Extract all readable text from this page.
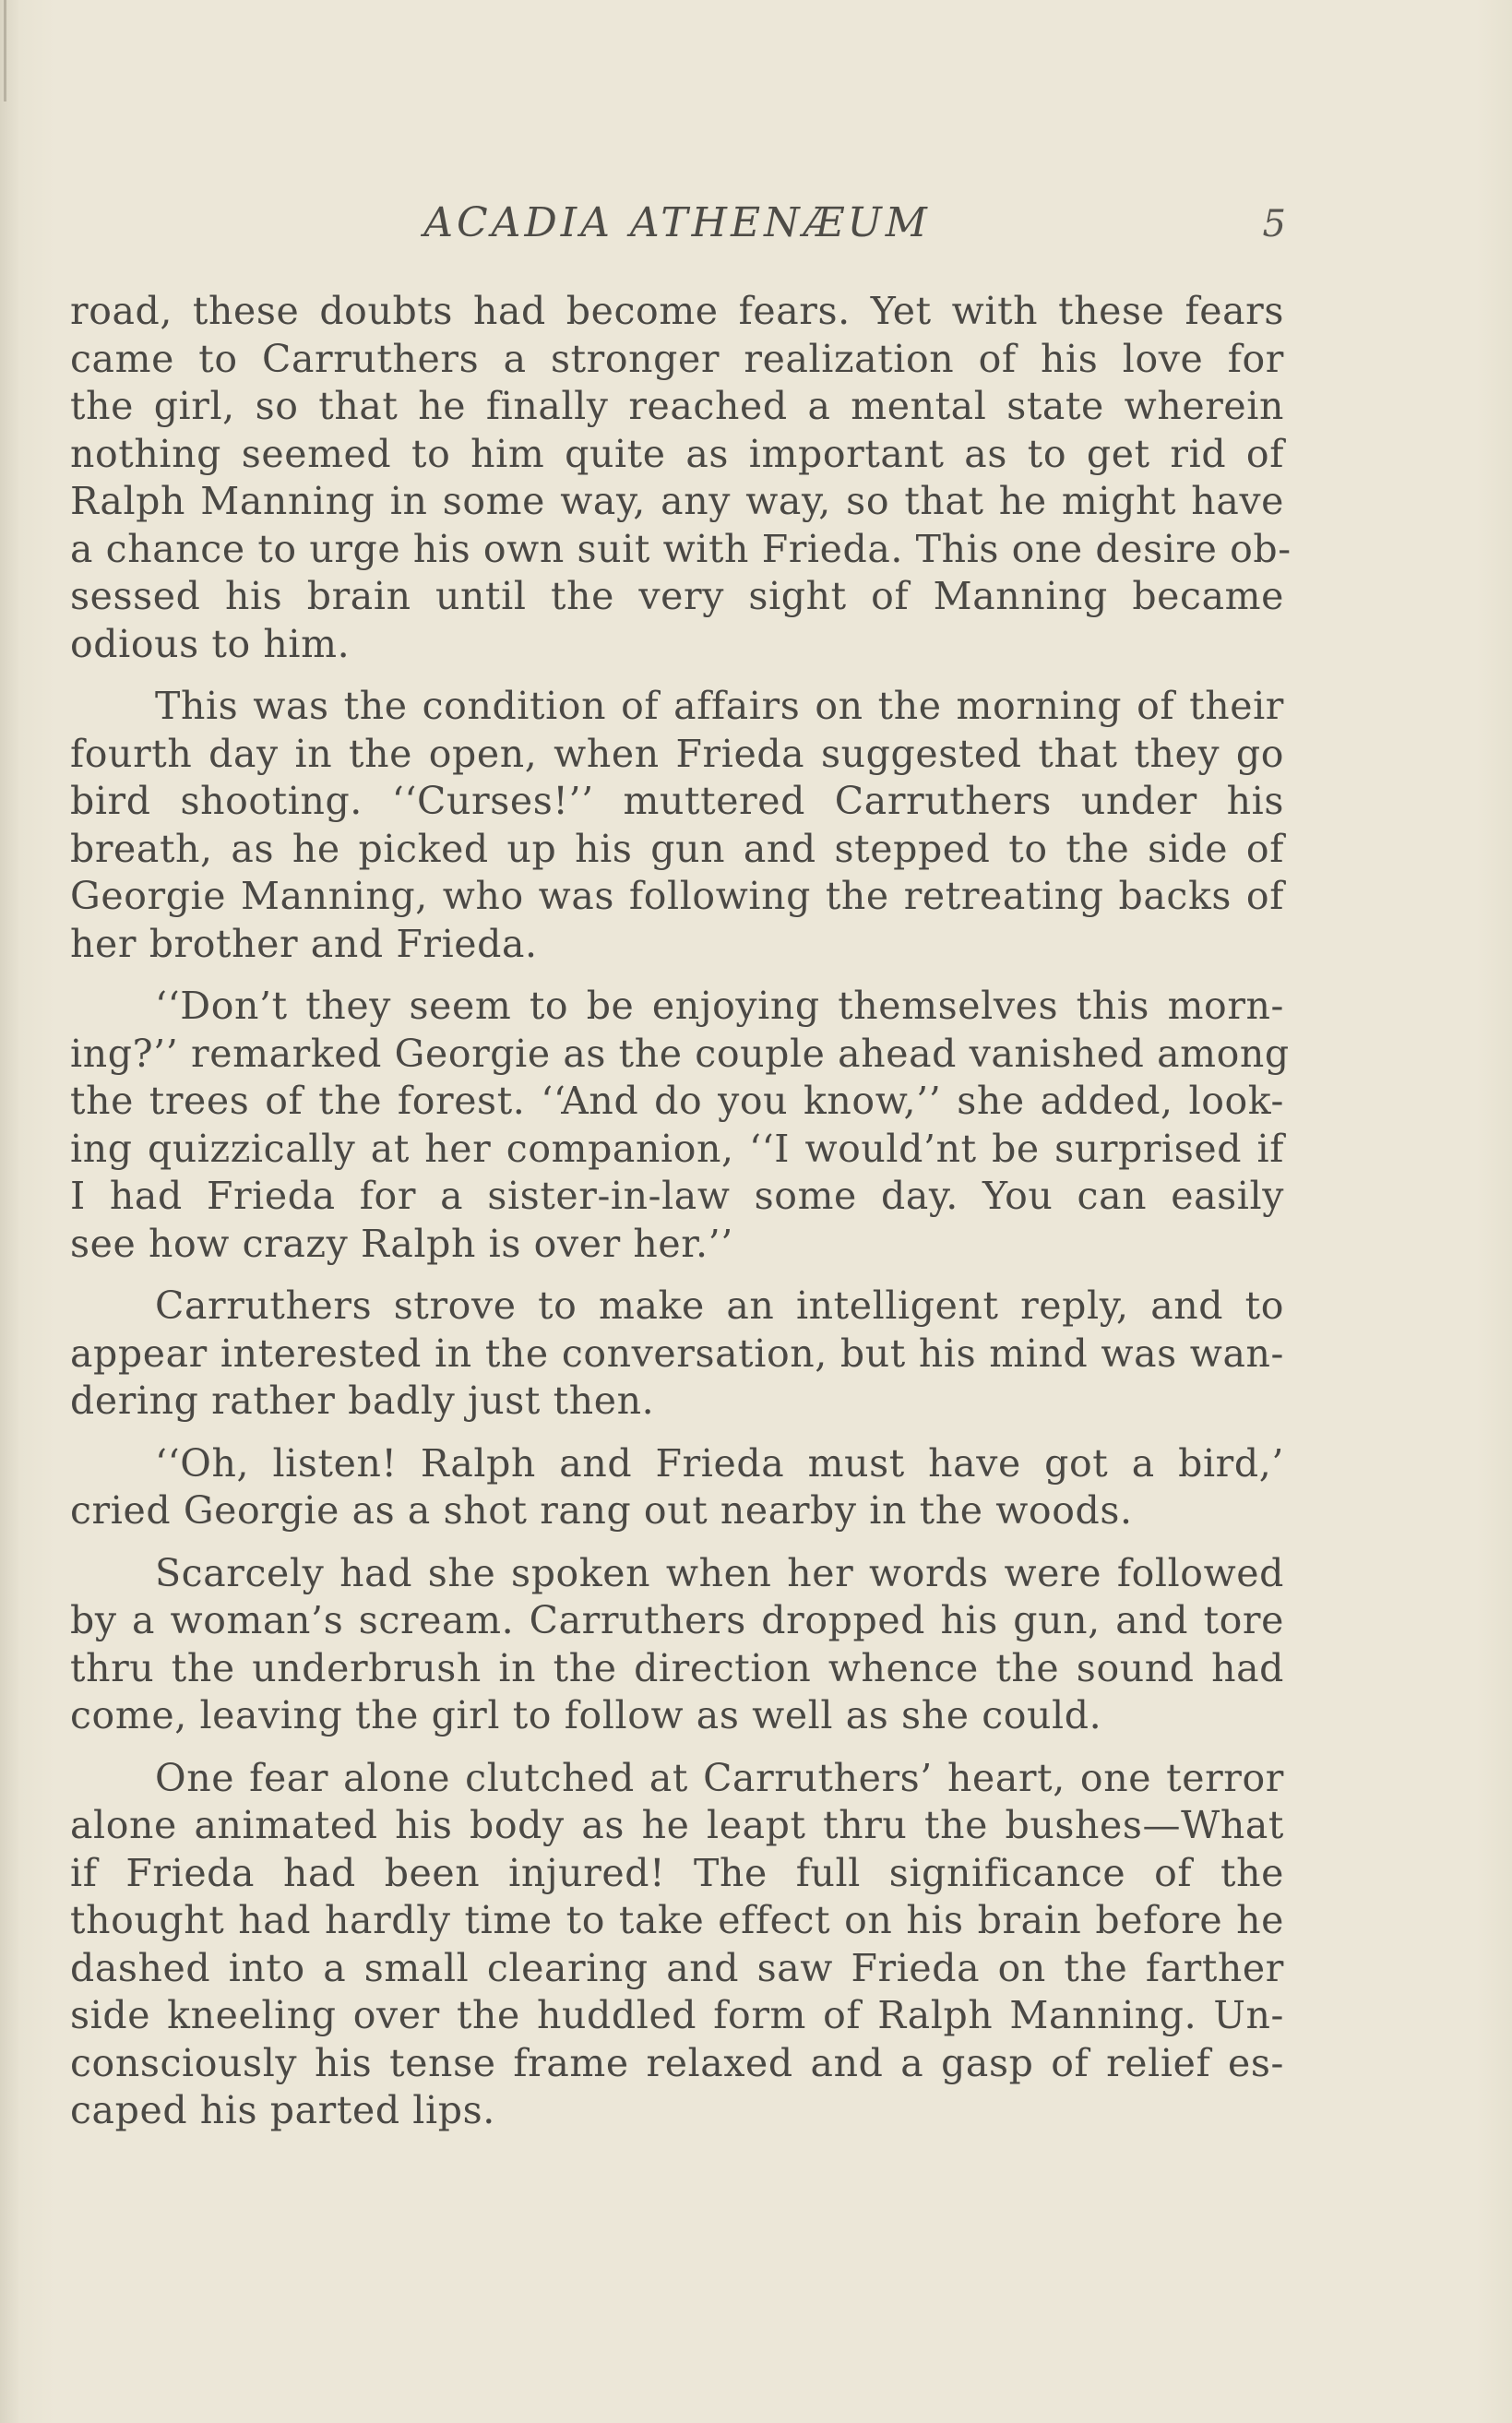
ACADIA ATHENÆUM	5
road, these doubts had become fears. Yet with these fears
came to Carruthers a stronger realization of his love for
the girl, so that he finally reached a mental state wherein
nothing seemed to him quite as important as to get rid of
Ralph Manning in some way, any way, so that he might have
a chance to urge his own suit with Frieda. This one desire ob-
sessed his brain until the very sight of Manning became
odious to him.
This was the condition of affairs on the morning of their
fourth day in the open, when Frieda suggested that they go
bird shooting. ‘‘Curses!’’ muttered Carruthers under his
breath, as he picked up his gun and stepped to the side of
Georgie Manning, who was following the retreating backs of
her brother and Frieda.
‘‘Don’t they seem to be enjoying themselves this morn-
ing?’’ remarked Georgie as the couple ahead vanished among
the trees of the forest. ‘‘And do you know,’’ she added, look-
ing quizzically at her companion, ‘‘I would’nt be surprised if
I had Frieda for a sister-in-law some day. You can easily
see how crazy Ralph is over her.’’
Carruthers strove to make an intelligent reply, and to
appear interested in the conversation, but his mind was wan-
dering rather badly just then.
‘‘Oh, listen! Ralph and Frieda must have got a bird,’
cried Georgie as a shot rang out nearby in the woods.
Scarcely had she spoken when her words were followed
by a woman’s scream. Carruthers dropped his gun, and tore
thru the underbrush in the direction whence the sound had
come, leaving the girl to follow as well as she could.
One fear alone clutched at Carruthers’ heart, one terror
alone animated his body as he leapt thru the bushes—What
if Frieda had been injured! The full significance of the
thought had hardly time to take effect on his brain before he
dashed into a small clearing and saw Frieda on the farther
side kneeling over the huddled form of Ralph Manning. Un-
consciously his tense frame relaxed and a gasp of relief es-
caped his parted lips.
